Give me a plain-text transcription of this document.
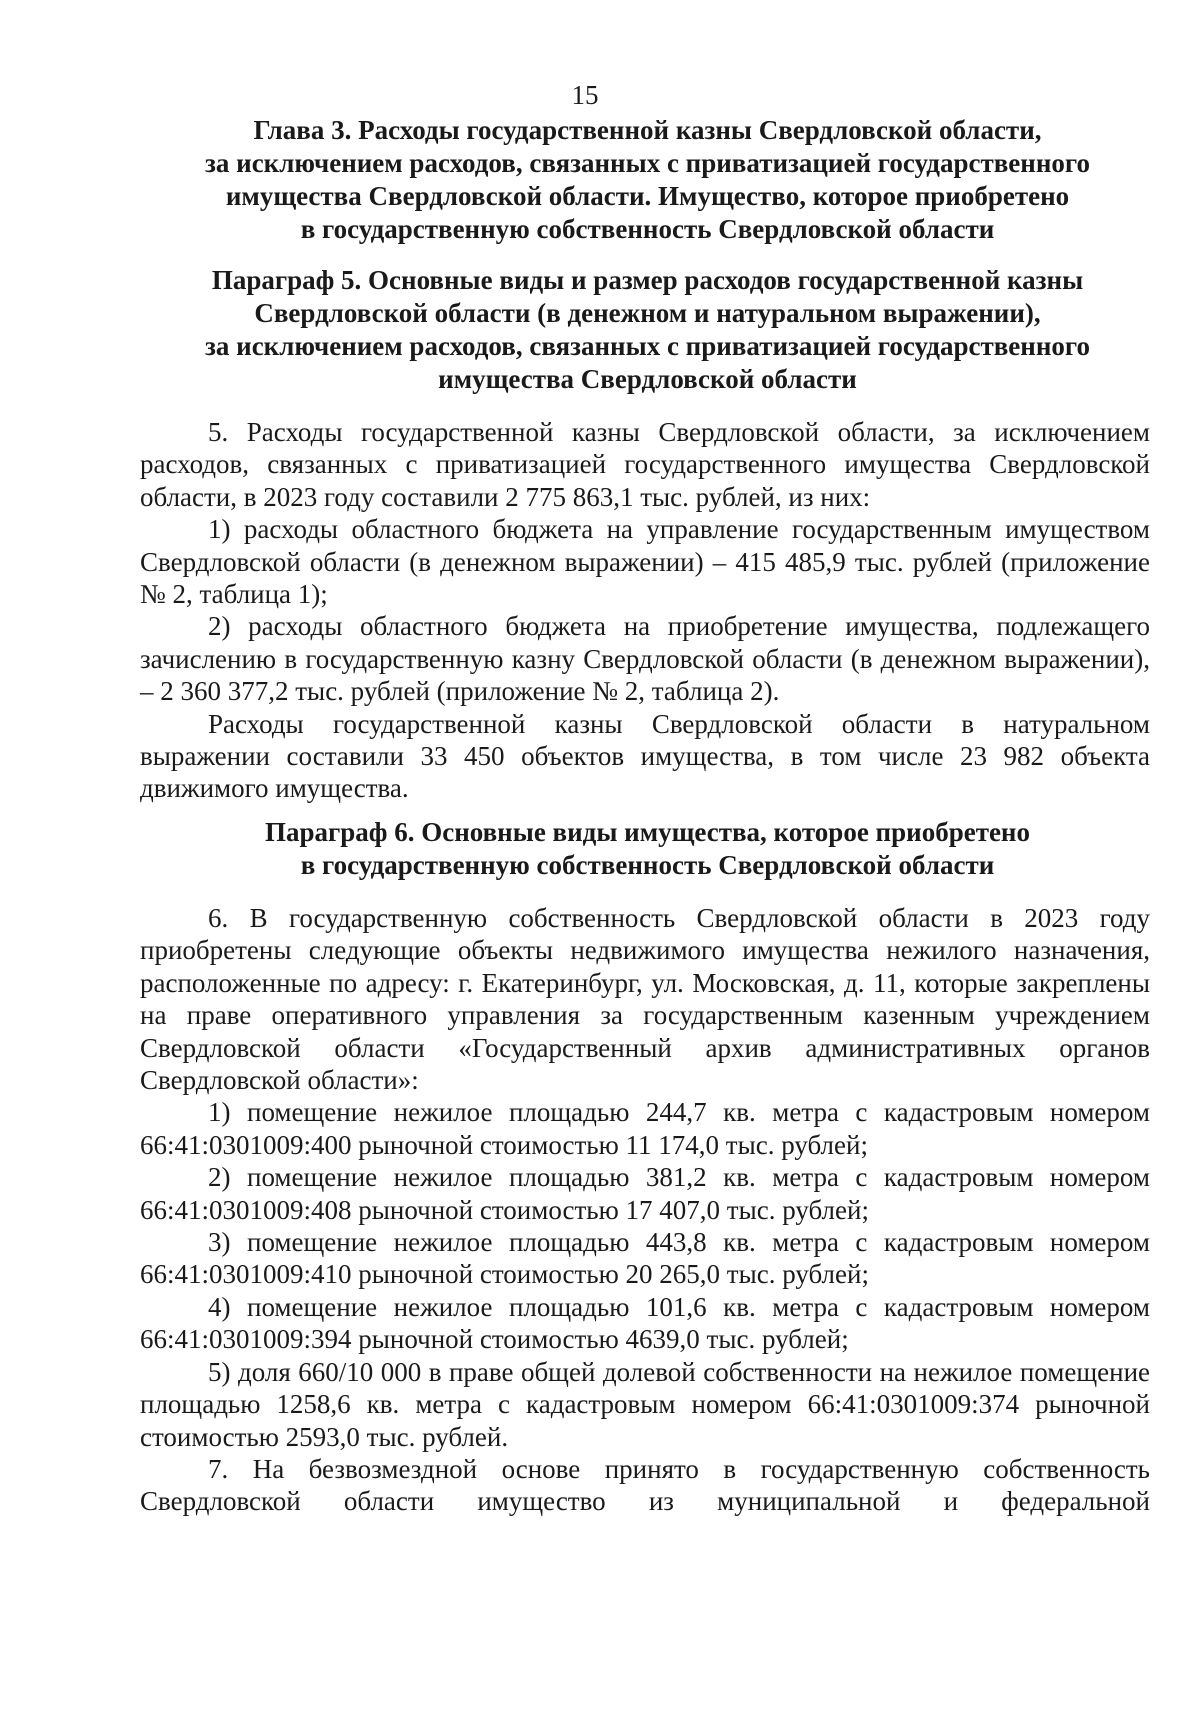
15
Глава 3. Расходы государственной казны Свердловской области,
за исключением расходов, связанных с приватизацией государственного
имущества Свердловской области. Имущество, которое приобретено
в государственную собственность Свердловской области
Параграф 5. Основные виды и размер расходов государственной казны
Свердловской области (в денежном и натуральном выражении),
за исключением расходов, связанных с приватизацией государственного
имущества Свердловской области

5. Расходы государственной казны Свердловской области, за исключением расходов, связанных с приватизацией государственного имущества Свердловской области, в 2023 году составили 2 775 863,1 тыс. рублей, из них:

1) расходы областного бюджета на управление государственным имуществом Свердловской области (в денежном выражении) – 415 485,9 тыс. рублей (приложение № 2, таблица 1);

2) расходы областного бюджета на приобретение имущества, подлежащего зачислению в государственную казну Свердловской области (в денежном выражении), – 2 360 377,2 тыс. рублей (приложение № 2, таблица 2).

Расходы государственной казны Свердловской области в натуральном выражении составили 33 450 объектов имущества, в том числе 23 982 объекта движимого имущества.

Параграф 6. Основные виды имущества, которое приобретено
в государственную собственность Свердловской области

6. В государственную собственность Свердловской области в 2023 году приобретены следующие объекты недвижимого имущества нежилого назначения, расположенные по адресу: г. Екатеринбург, ул. Московская, д. 11, которые закреплены на праве оперативного управления за государственным казенным учреждением Свердловской области «Государственный архив административных органов Свердловской области»:

1) помещение нежилое площадью 244,7 кв. метра с кадастровым номером 66:41:0301009:400 рыночной стоимостью 11 174,0 тыс. рублей;

2) помещение нежилое площадью 381,2 кв. метра с кадастровым номером 66:41:0301009:408 рыночной стоимостью 17 407,0 тыс. рублей;

3) помещение нежилое площадью 443,8 кв. метра с кадастровым номером 66:41:0301009:410 рыночной стоимостью 20 265,0 тыс. рублей;

4) помещение нежилое площадью 101,6 кв. метра с кадастровым номером 66:41:0301009:394 рыночной стоимостью 4639,0 тыс. рублей;

5) доля 660/10 000 в праве общей долевой собственности на нежилое помещение площадью 1258,6 кв. метра с кадастровым номером 66:41:0301009:374 рыночной стоимостью 2593,0 тыс. рублей.

7. На безвозмездной основе принято в государственную собственность Свердловской области имущество из муниципальной и федеральной
